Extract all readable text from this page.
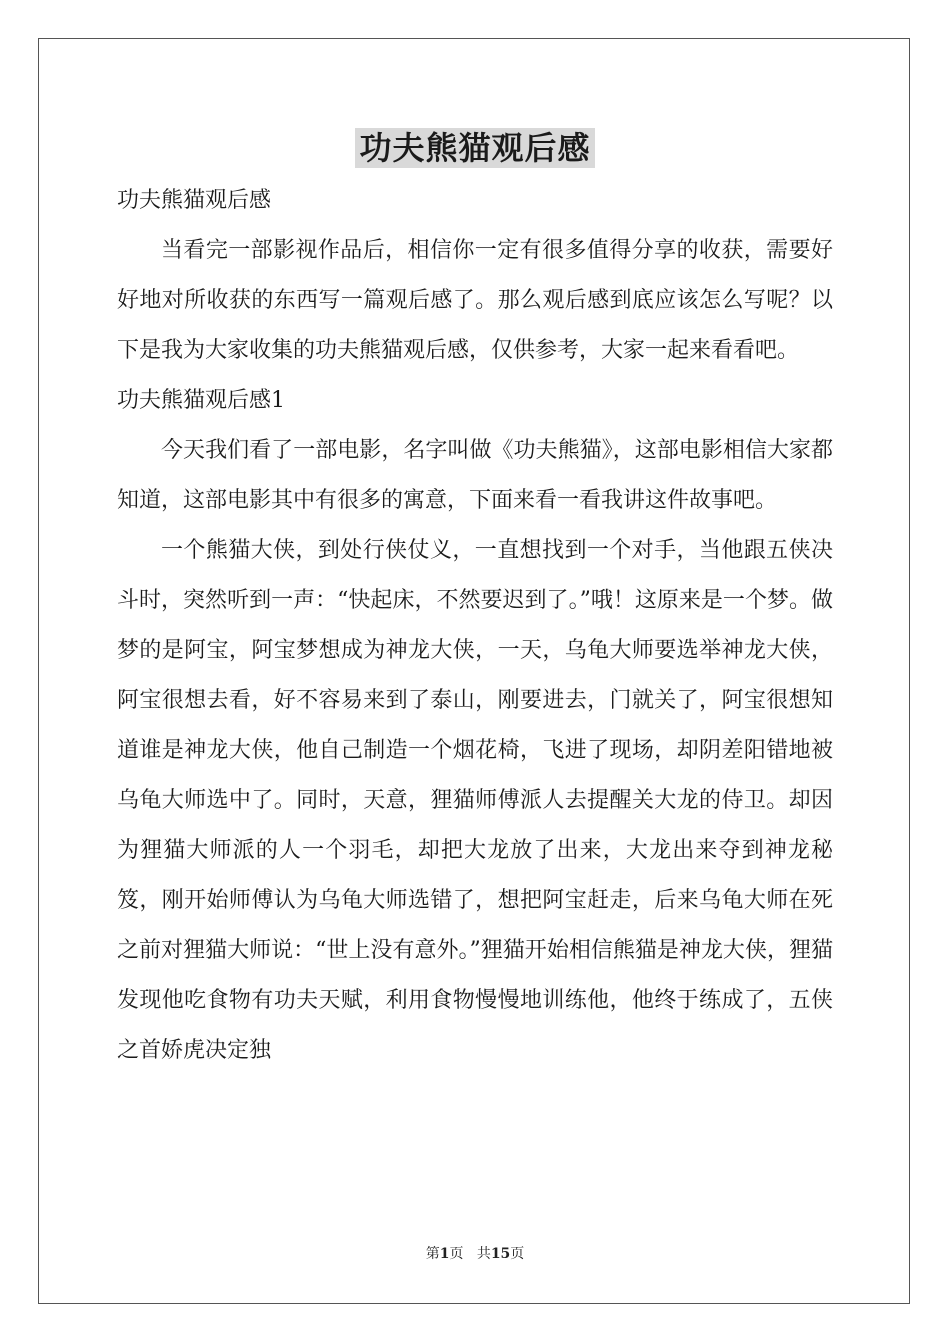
功夫熊猫观后感

功夫熊猫观后感

当看完一部影视作品后，相信你一定有很多值得分享的收获，需要好好地对所收获的东西写一篇观后感了。那么观后感到底应该怎么写呢？以下是我为大家收集的功夫熊猫观后感，仅供参考，大家一起来看看吧。

功夫熊猫观后感1

今天我们看了一部电影，名字叫做《功夫熊猫》，这部电影相信大家都知道，这部电影其中有很多的寓意，下面来看一看我讲这件故事吧。

一个熊猫大侠，到处行侠仗义，一直想找到一个对手，当他跟五侠决斗时，突然听到一声：“快起床，不然要迟到了。”哦！这原来是一个梦。做梦的是阿宝，阿宝梦想成为神龙大侠，一天，乌龟大师要选举神龙大侠，阿宝很想去看，好不容易来到了泰山，刚要进去，门就关了，阿宝很想知道谁是神龙大侠，他自己制造一个烟花椅，飞进了现场，却阴差阳错地被乌龟大师选中了。同时，天意，狸猫师傅派人去提醒关大龙的侍卫。却因为狸猫大师派的人一个羽毛，却把大龙放了出来，大龙出来夺到神龙秘笈，刚开始师傅认为乌龟大师选错了，想把阿宝赶走，后来乌龟大师在死之前对狸猫大师说：“世上没有意外。”狸猫开始相信熊猫是神龙大侠，狸猫发现他吃食物有功夫天赋，利用食物慢慢地训练他，他终于练成了，五侠之首娇虎决定独

第1页 共15页
